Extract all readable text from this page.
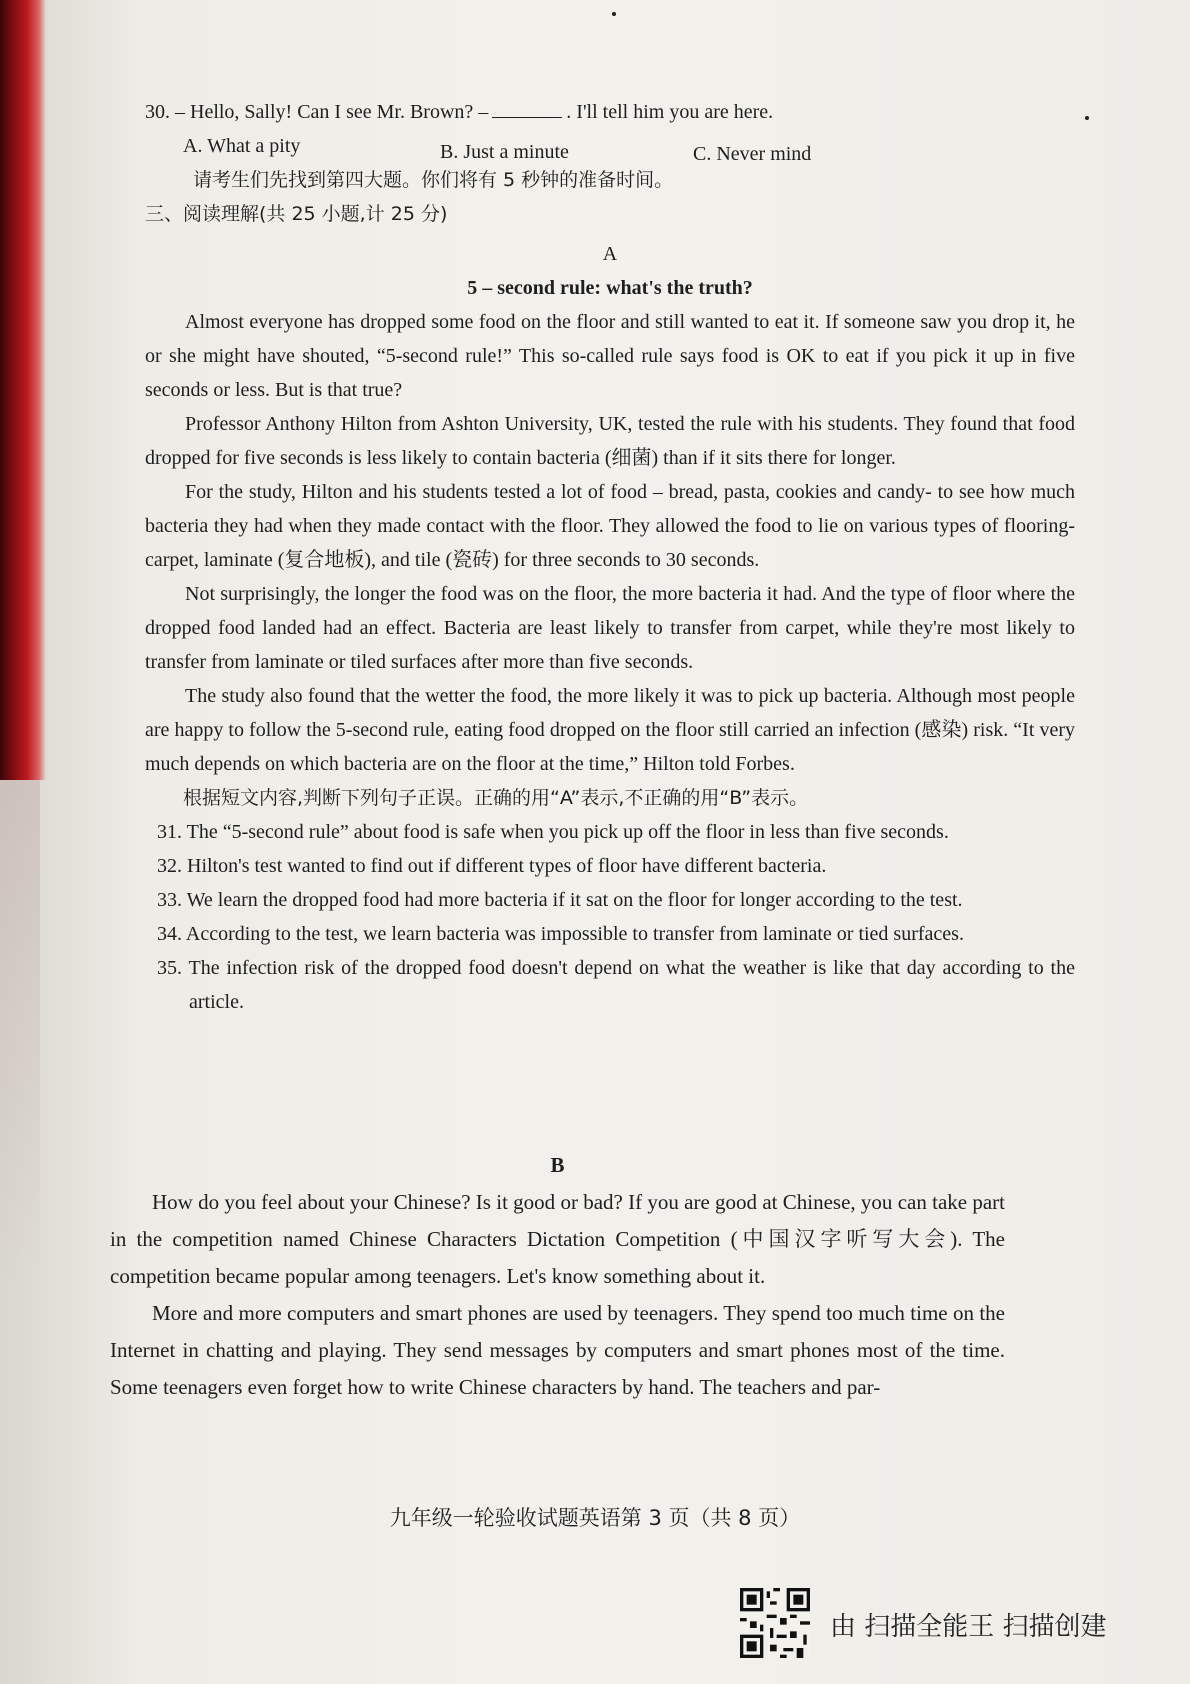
30. – Hello, Sally! Can I see Mr. Brown? –	. I'll tell him you are here.
A. What a pity	B. Just a minute	C. Never mind
请考生们先找到第四大题。你们将有 5 秒钟的准备时间。
三、阅读理解(共 25 小题,计 25 分)
A
5 – second rule: what's the truth?

Almost everyone has dropped some food on the floor and still wanted to eat it. If someone saw you drop it, he or she might have shouted, “5-second rule!” This so-called rule says food is OK to eat if you pick it up in five seconds or less. But is that true?

Professor Anthony Hilton from Ashton University, UK, tested the rule with his students. They found that food dropped for five seconds is less likely to contain bacteria (细菌) than if it sits there for longer.

For the study, Hilton and his students tested a lot of food – bread, pasta, cookies and candy- to see how much bacteria they had when they made contact with the floor. They allowed the food to lie on various types of flooring-carpet, laminate (复合地板), and tile (瓷砖) for three seconds to 30 seconds.

Not surprisingly, the longer the food was on the floor, the more bacteria it had. And the type of floor where the dropped food landed had an effect. Bacteria are least likely to transfer from carpet, while they're most likely to transfer from laminate or tiled surfaces after more than five seconds.

The study also found that the wetter the food, the more likely it was to pick up bacteria. Although most people are happy to follow the 5-second rule, eating food dropped on the floor still carried an infection (感染) risk. “It very much depends on which bacteria are on the floor at the time,” Hilton told Forbes.

根据短文内容,判断下列句子正误。正确的用“A”表示,不正确的用“B”表示。

31. The “5-second rule” about food is safe when you pick up off the floor in less than five seconds.
32. Hilton's test wanted to find out if different types of floor have different bacteria.
33. We learn the dropped food had more bacteria if it sat on the floor for longer according to the test.
34. According to the test, we learn bacteria was impossible to transfer from laminate or tied surfaces.
35. The infection risk of the dropped food doesn't depend on what the weather is like that day according to the article.
B

How do you feel about your Chinese? Is it good or bad? If you are good at Chinese, you can take part in the competition named Chinese Characters Dictation Competition (中国汉字听写大会). The competition became popular among teenagers. Let's know something about it.

More and more computers and smart phones are used by teenagers. They spend too much time on the Internet in chatting and playing. They send messages by computers and smart phones most of the time. Some teenagers even forget how to write Chinese characters by hand. The teachers and par-

九年级一轮验收试题英语第 3 页（共 8 页）
由 扫描全能王 扫描创建
